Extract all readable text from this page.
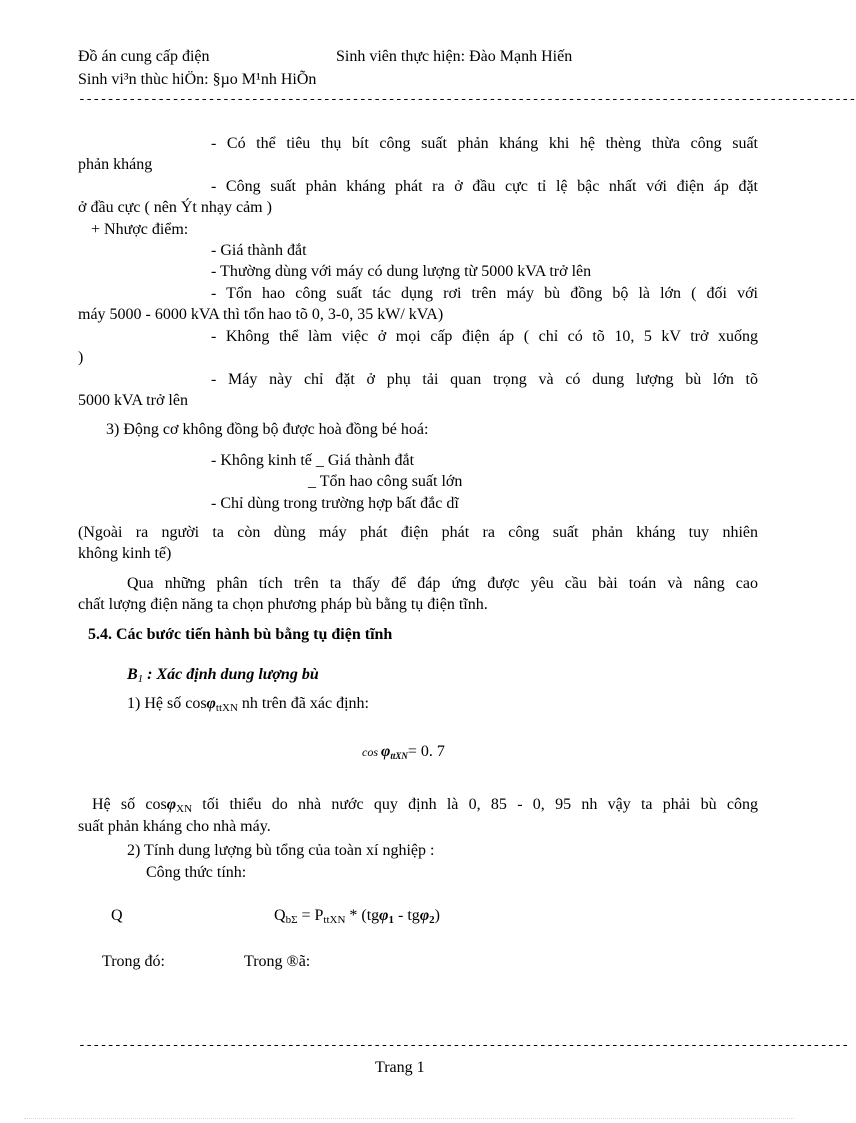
Đồ án cung cấp điện	Sinh viên thực hiện: Đào Mạnh Hiến
Sinh vi³n thùc hiÖn: §µo M¹nh HiÕn
------------------------------------------------------------------------------------------------------------
- Có thể tiêu thụ bít công suất phản kháng khi hệ thèng thừa công suất
phản kháng
- Công suất phản kháng phát ra ở đầu cực tỉ lệ bậc nhất với điện áp đặt
ở đầu cực ( nên Ýt nhạy cảm )
+ Nhược điểm:
- Giá thành đắt
- Thường dùng với máy có dung lượng từ 5000 kVA trở lên
- Tổn hao công suất tác dụng rơi trên máy bù đồng bộ là lớn ( đối với
máy 5000 - 6000 kVA thì tổn hao tõ 0, 3-0, 35 kW/ kVA)
- Không thể làm việc ở mọi cấp điện áp ( chỉ có tõ 10, 5 kV trở xuống
)
- Máy này chỉ đặt ở phụ tải quan trọng và có dung lượng bù lớn tõ
5000 kVA trở lên
3) Động cơ không đồng bộ được hoà đồng bé hoá:
- Không kinh tế _ Giá thành đắt
_ Tổn hao công suất lớn
- Chỉ dùng trong trường hợp bất đắc dĩ
(Ngoài ra người ta còn dùng máy phát điện phát ra công suất phản kháng tuy nhiên
không kinh tế)
Qua những phân tích trên ta thấy để đáp ứng được yêu cầu bài toán và nâng cao
chất lượng điện năng ta chọn phương pháp bù bằng tụ điện tĩnh.
5.4. Các bước tiến hành bù bằng tụ điện tĩnh
$B_1$ : Xác định dung lượng bù
1) Hệ số cosφ$_{ttXN}$ nh trên đã xác định:
$\cos \varphi_{ttXN}= 0$. 7
Hệ số cosφ$_{XN}$ tối thiểu do nhà nước quy định là 0, 85 - 0, 95 nh vậy ta phải bù công
suất phản kháng cho nhà máy.
2) Tính dung lượng bù tổng của toàn xí nghiệp :
Công thức tính:
Q	$Q_{b\Sigma} = P_{ttXN} * (tg\varphi_1 - tg\varphi_2)$
Trong đó:	Trong ®ã:
-----------------------------------------------------------------------------------------------------------
Trang 1
